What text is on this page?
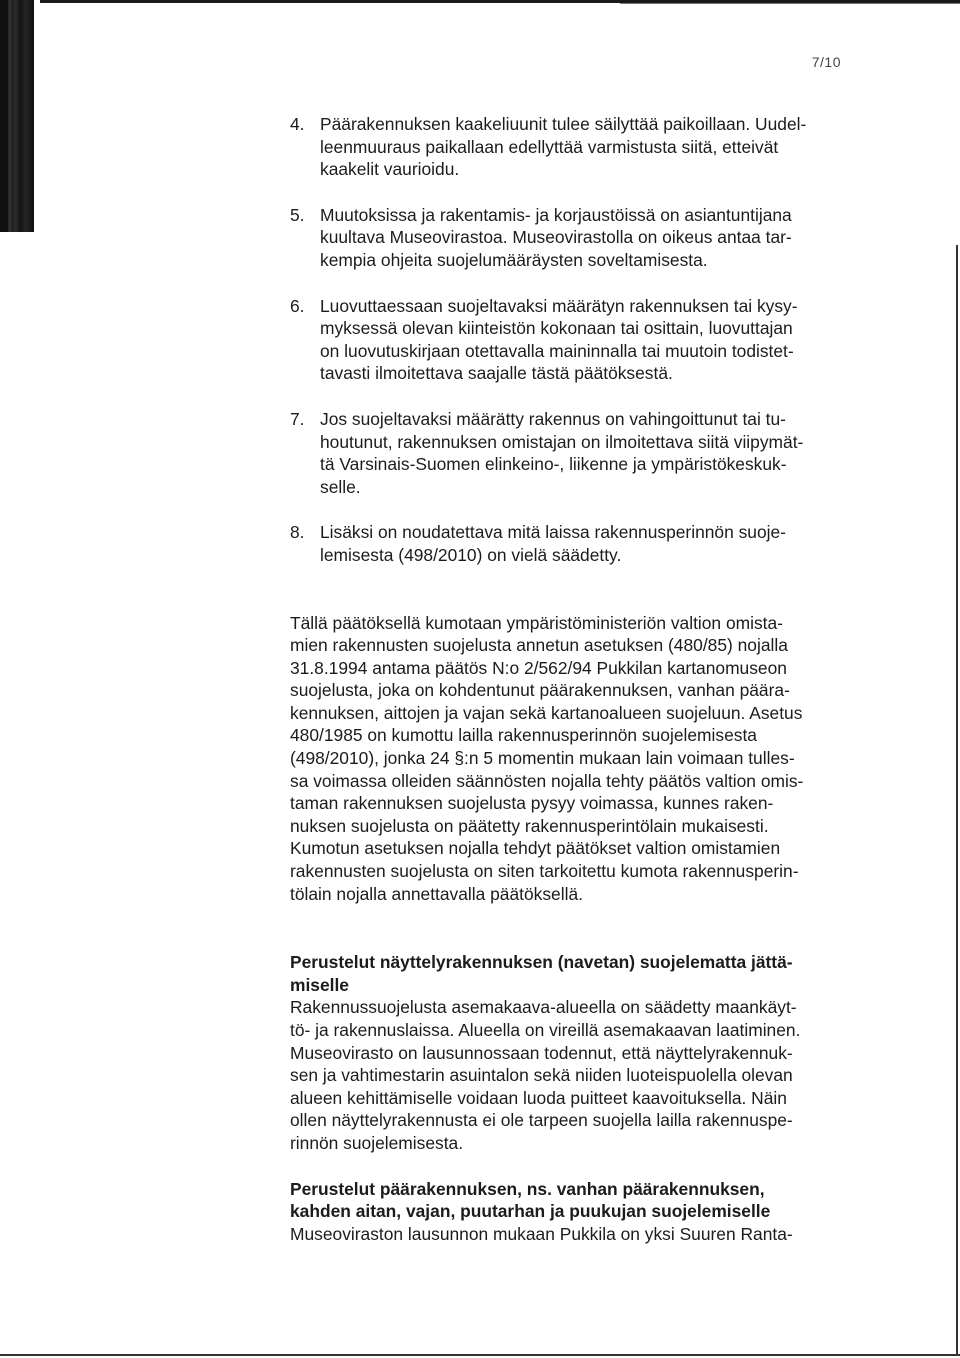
7/10
4. Päärakennuksen kaakeliuunit tulee säilyttää paikoillaan. Uudel-
leenmuuraus paikallaan edellyttää varmistusta siitä, etteivät
kaakelit vaurioidu.
5. Muutoksissa ja rakentamis- ja korjaustöissä on asiantuntijana
kuultava Museovirastoa. Museovirastolla on oikeus antaa tar-
kempia ohjeita suojelumääräysten soveltamisesta.
6. Luovuttaessaan suojeltavaksi määrätyn rakennuksen tai kysy-
myksessä olevan kiinteistön kokonaan tai osittain, luovuttajan
on luovutuskirjaan otettavalla maininnalla tai muutoin todistet-
tavasti ilmoitettava saajalle tästä päätöksestä.
7. Jos suojeltavaksi määrätty rakennus on vahingoittunut tai tu-
houtunut, rakennuksen omistajan on ilmoitettava siitä viipymät-
tä Varsinais-Suomen elinkeino-, liikenne ja ympäristökeskuk-
selle.
8. Lisäksi on noudatettava mitä laissa rakennusperinnön suoje-
lemisesta (498/2010) on vielä säädetty.

Tällä päätöksellä kumotaan ympäristöministeriön valtion omista-
mien rakennusten suojelusta annetun asetuksen (480/85) nojalla
31.8.1994 antama päätös N:o 2/562/94 Pukkilan kartanomuseon
suojelusta, joka on kohdentunut päärakennuksen, vanhan päära-
kennuksen, aittojen ja vajan sekä kartanoalueen suojeluun. Asetus
480/1985 on kumottu lailla rakennusperinnön suojelemisesta
(498/2010), jonka 24 §:n 5 momentin mukaan lain voimaan tulles-
sa voimassa olleiden säännösten nojalla tehty päätös valtion omis-
taman rakennuksen suojelusta pysyy voimassa, kunnes raken-
nuksen suojelusta on päätetty rakennusperintölain mukaisesti.
Kumotun asetuksen nojalla tehdyt päätökset valtion omistamien
rakennusten suojelusta on siten tarkoitettu kumota rakennusperin-
tölain nojalla annettavalla päätöksellä.

Perustelut näyttelyrakennuksen (navetan) suojelematta jättä-
miselle

Rakennussuojelusta asemakaava-alueella on säädetty maankäyt-
tö- ja rakennuslaissa. Alueella on vireillä asemakaavan laatiminen.
Museovirasto on lausunnossaan todennut, että näyttelyrakennuk-
sen ja vahtimestarin asuintalon sekä niiden luoteispuolella olevan
alueen kehittämiselle voidaan luoda puitteet kaavoituksella. Näin
ollen näyttelyrakennusta ei ole tarpeen suojella lailla rakennuspe-
rinnön suojelemisesta.

Perustelut päärakennuksen, ns. vanhan päärakennuksen,
kahden aitan, vajan, puutarhan ja puukujan suojelemiselle

Museoviraston lausunnon mukaan Pukkila on yksi Suuren Ranta-
